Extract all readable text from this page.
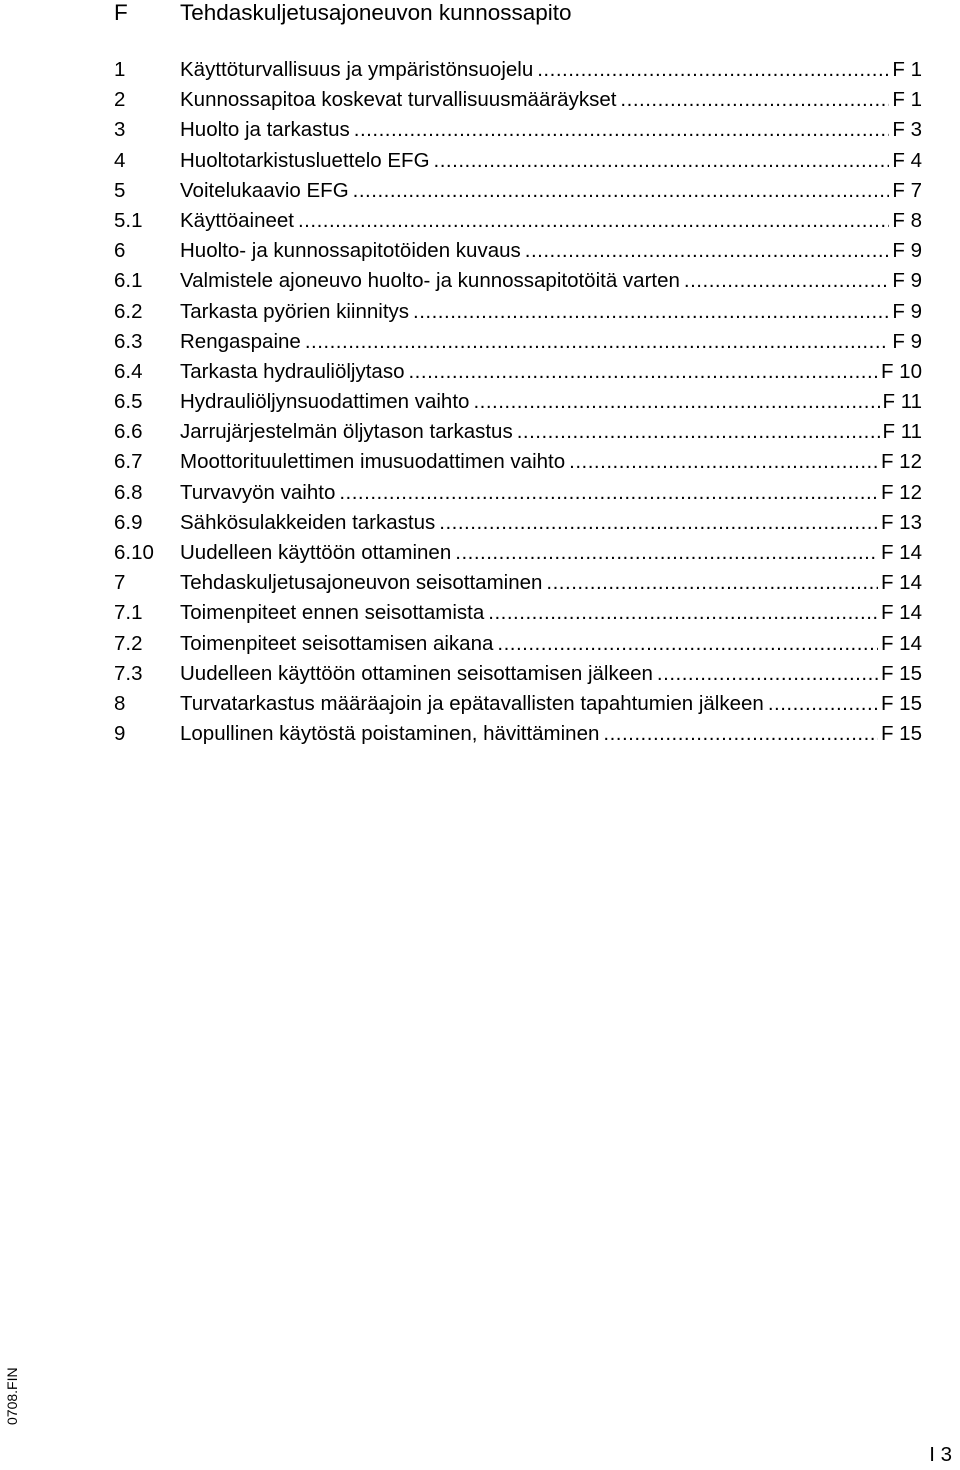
F Tehdaskuljetusajoneuvon kunnossapito
1	Käyttöturvallisuus ja ympäristönsuojelu .....	F 1
2	Kunnossapitoa koskevat turvallisuusmääräykset .....	F 1
3	Huolto ja tarkastus .....	F 3
4	Huoltotarkistusluettelo EFG .....	F 4
5	Voitelukaavio EFG .....	F 7
5.1	Käyttöaineet .....	F 8
6	Huolto- ja kunnossapitotöiden kuvaus .....	F 9
6.1	Valmistele ajoneuvo huolto- ja kunnossapitotöitä varten .....	F 9
6.2	Tarkasta pyörien kiinnitys .....	F 9
6.3	Rengaspaine .....	F 9
6.4	Tarkasta hydrauliöljytaso .....	F 10
6.5	Hydrauliöljynsuodattimen vaihto .....	F 11
6.6	Jarrujärjestelmän öljytason tarkastus .....	F 11
6.7	Moottorituulettimen imusuodattimen vaihto .....	F 12
6.8	Turvavyön vaihto .....	F 12
6.9	Sähkösulakkeiden tarkastus .....	F 13
6.10	Uudelleen käyttöön ottaminen .....	F 14
7	Tehdaskuljetusajoneuvon seisottaminen .....	F 14
7.1	Toimenpiteet ennen seisottamista .....	F 14
7.2	Toimenpiteet seisottamisen aikana .....	F 14
7.3	Uudelleen käyttöön ottaminen seisottamisen jälkeen .....	F 15
8	Turvatarkastus määräajoin ja epätavallisten tapahtumien jälkeen .....	F 15
9	Lopullinen käytöstä poistaminen, hävittäminen .....	F 15
0708.FIN
I 3
